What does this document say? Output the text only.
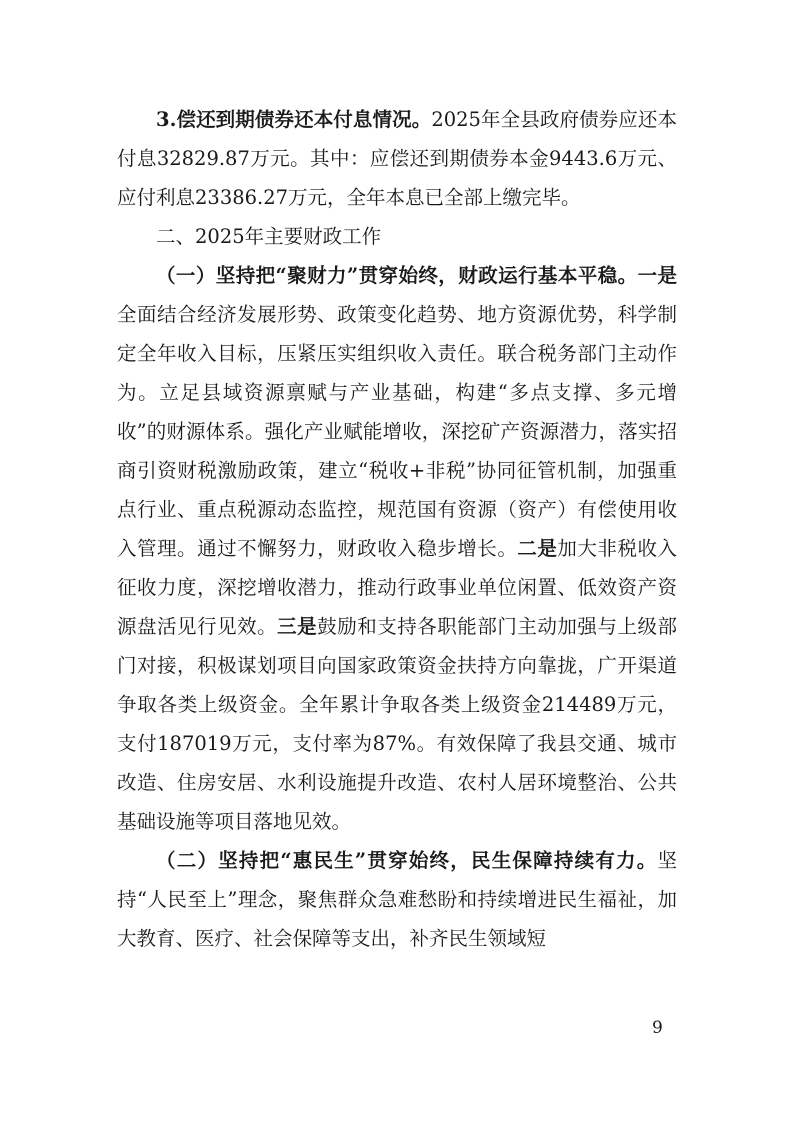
3.偿还到期债券还本付息情况。2025年全县政府债券应还本付息32829.87万元。其中：应偿还到期债券本金9443.6万元、应付利息23386.27万元，全年本息已全部上缴完毕。

二、2025年主要财政工作

（一）坚持把“聚财力”贯穿始终，财政运行基本平稳。一是全面结合经济发展形势、政策变化趋势、地方资源优势，科学制定全年收入目标，压紧压实组织收入责任。联合税务部门主动作为。立足县域资源禀赋与产业基础，构建“多点支撑、多元增收”的财源体系。强化产业赋能增收，深挖矿产资源潜力，落实招商引资财税激励政策，建立“税收+非税”协同征管机制，加强重点行业、重点税源动态监控，规范国有资源（资产）有偿使用收入管理。通过不懈努力，财政收入稳步增长。二是加大非税收入征收力度，深挖增收潜力，推动行政事业单位闲置、低效资产资源盘活见行见效。三是鼓励和支持各职能部门主动加强与上级部门对接，积极谋划项目向国家政策资金扶持方向靠拢，广开渠道争取各类上级资金。全年累计争取各类上级资金214489万元，支付187019万元，支付率为87%。有效保障了我县交通、城市改造、住房安居、水利设施提升改造、农村人居环境整治、公共基础设施等项目落地见效。

（二）坚持把“惠民生”贯穿始终，民生保障持续有力。坚持“人民至上”理念，聚焦群众急难愁盼和持续增进民生福祉，加大教育、医疗、社会保障等支出，补齐民生领域短

9
